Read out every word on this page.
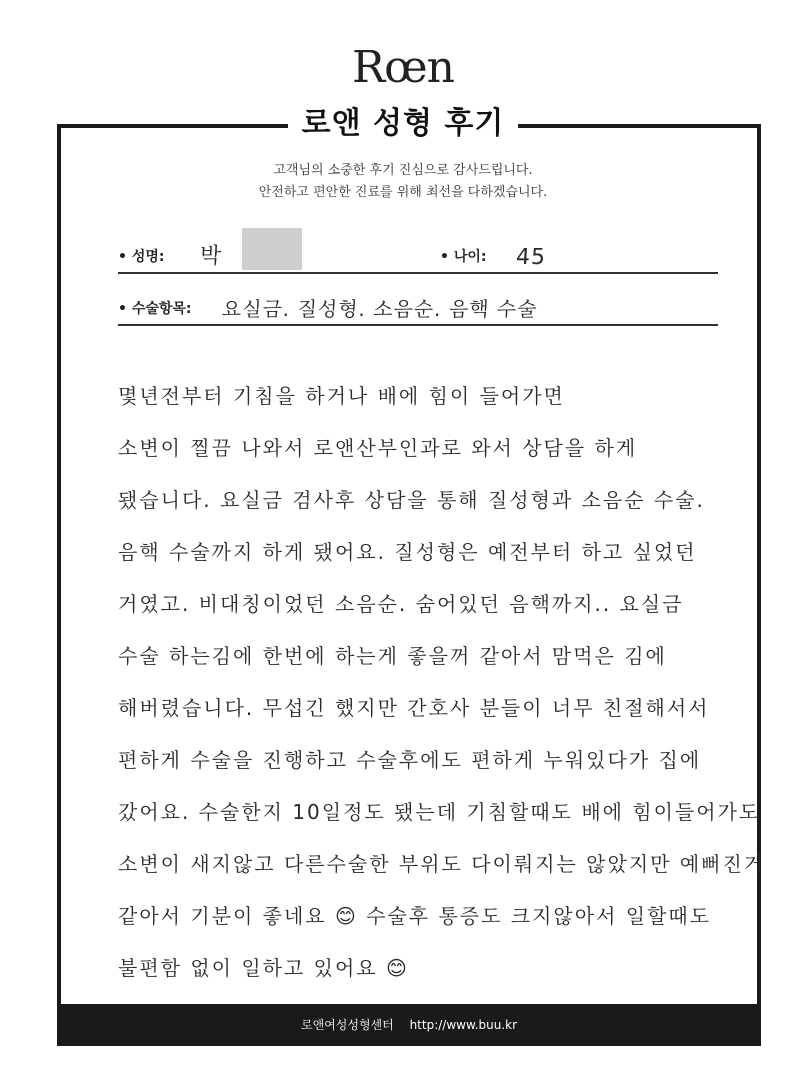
Rœn
로앤 성형 후기
고객님의 소중한 후기 진심으로 감사드립니다.
안전하고 편안한 진료를 위해 최선을 다하겠습니다.
• 성명: 박	• 나이: 45
• 수술항목: 요실금. 질성형. 소음순. 음핵 수술
몇년전부터 기침을 하거나 배에 힘이 들어가면
소변이 찔끔 나와서 로앤산부인과로 와서 상담을 하게
됐습니다. 요실금 검사후 상담을 통해 질성형과 소음순 수술.
음핵 수술까지 하게 됐어요. 질성형은 예전부터 하고 싶었던
거였고. 비대칭이었던 소음순. 숨어있던 음핵까지.. 요실금
수술 하는김에 한번에 하는게 좋을꺼 같아서 맘먹은 김에
해버렸습니다. 무섭긴 했지만 간호사 분들이 너무 친절해서서
편하게 수술을 진행하고 수술후에도 편하게 누워있다가 집에
갔어요. 수술한지 10일정도 됐는데 기침할때도 배에 힘이들어가도
소변이 새지않고 다른수술한 부위도 다이뤄지는 않았지만 예뻐진거
같아서 기분이 좋네요 😊 수술후 통증도 크지않아서 일할때도
불편함 없이 일하고 있어요 😊
로앤여성성형센터 http://www.buu.kr
